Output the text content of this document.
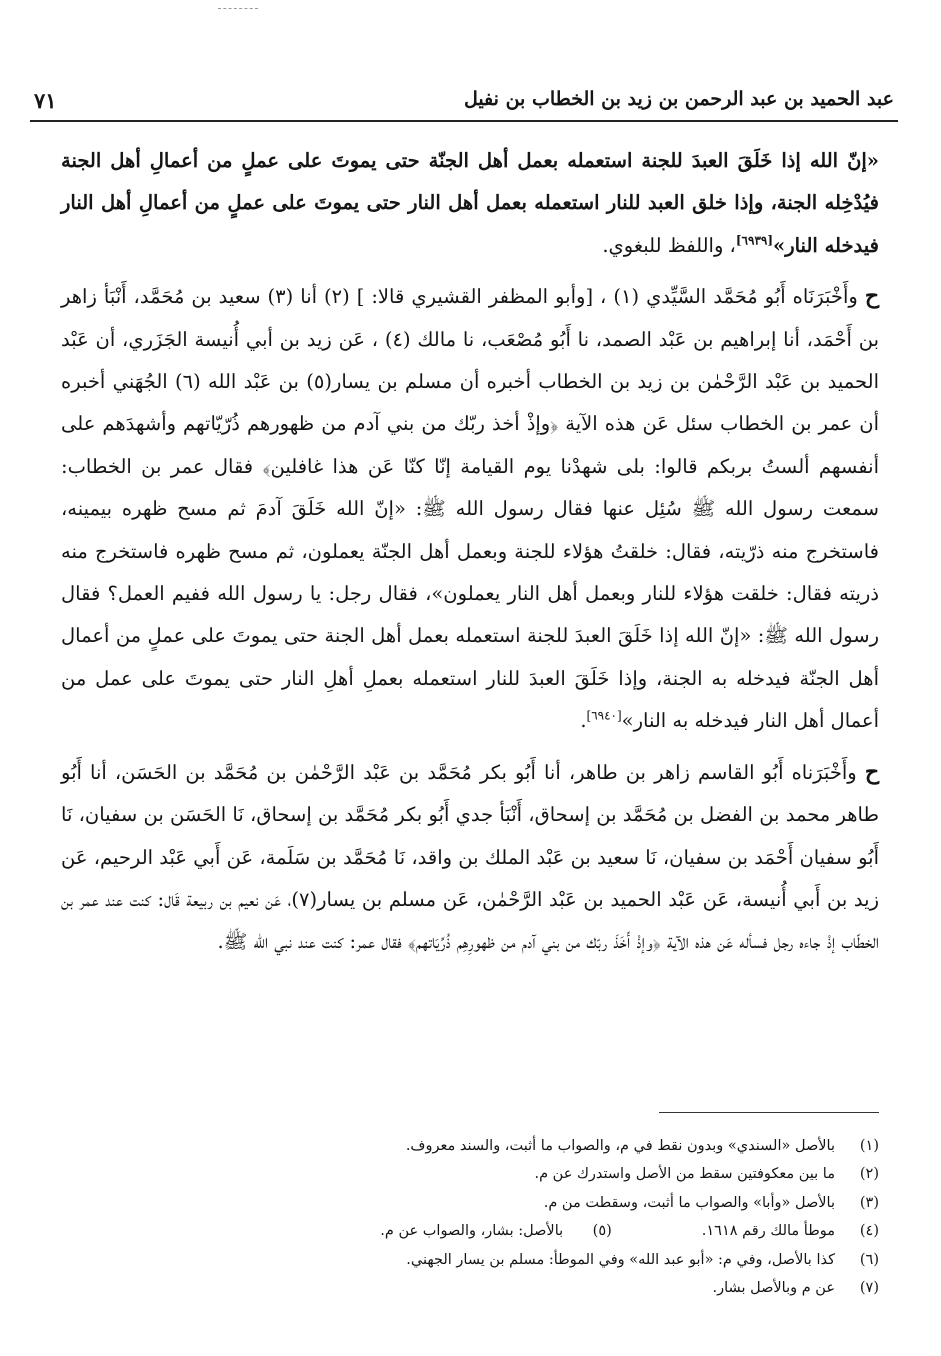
عبد الحميد بن عبد الرحمن بن زيد بن الخطاب بن نفيل
٧١

«إنّ الله إذا خَلَقَ العبدَ للجنة استعمله بعمل أهل الجنّة حتى يموتَ على عملٍ من أعمالِ أهل الجنة فيُدْخِله الجنة، وإذا خلق العبد للنار استعمله بعمل أهل النار حتى يموتَ على عملٍ من أعمالِ أهل النار فيدخله النار»[٦٩٣٩]، واللفظ للبغوي.

ح وأَخْبَرَنَاه أَبُو مُحَمَّد السَّيِّدي (١) ، [وأبو المظفر القشيري قالا: ] (٢) أنا (٣) سعيد بن مُحَمَّد، أَنْبَأ زاهر بن أَحْمَد، أنا إبراهيم بن عَبْد الصمد، نا أَبُو مُصْعَب، نا مالك (٤) ، عَن زيد بن أبي أُنيسة الجَزَري، أن عَبْد الحميد بن عَبْد الرَّحْمٰن بن زيد بن الخطاب أخبره أن مسلم بن يسار(٥) بن عَبْد الله (٦) الجُهَني أخبره أن عمر بن الخطاب سئل عَن هذه الآية ﴿وإذْ أخذ ربّك من بني آدم من ظهورهم ذُرّيّاتهم وأشهدَهم على أنفسهم ألستُ بربكم قالوا: بلى شهدْنا يوم القيامة إنّا كنّا عَن هذا غافلين﴾ فقال عمر بن الخطاب: سمعت رسول الله ﷺ سُئِل عنها فقال رسول الله ﷺ: «إنّ الله خَلَقَ آدمَ ثم مسح ظهره بيمينه، فاستخرج منه ذرّيته، فقال: خلقتُ هؤلاء للجنة وبعمل أهل الجنّة يعملون، ثم مسح ظهره فاستخرج منه ذريته فقال: خلقت هؤلاء للنار وبعمل أهل النار يعملون»، فقال رجل: يا رسول الله ففيم العمل؟ فقال رسول الله ﷺ: «إنّ الله إذا خَلَقَ العبدَ للجنة استعمله بعمل أهل الجنة حتى يموتَ على عملٍ من أعمال أهل الجنّة فيدخله به الجنة، وإذا خَلَقَ العبدَ للنار استعمله بعملِ أهلِ النار حتى يموتَ على عمل من أعمال أهل النار فيدخله به النار»[٦٩٤٠].

ح وأَخْبَرَناه أَبُو القاسم زاهر بن طاهر، أنا أَبُو بكر مُحَمَّد بن عَبْد الرَّحْمٰن بن مُحَمَّد بن الحَسَن، أنا أَبُو طاهر محمد بن الفضل بن مُحَمَّد بن إسحاق، أَنْبَأ جدي أَبُو بكر مُحَمَّد بن إسحاق، نَا الحَسَن بن سفيان، نَا أَبُو سفيان أَحْمَد بن سفيان، نَا سعيد بن عَبْد الملك بن واقد، نَا مُحَمَّد بن سَلَمة، عَن أَبي عَبْد الرحيم، عَن زيد بن أَبي أُنيسة، عَن عَبْد الحميد بن عَبْد الرَّحْمٰن، عَن مسلم بن يسار(٧)، عَن نعيم بن ربيعة قَال: كنت عند عمر بن الخطّاب إذْ جاءه رجل فسأله عَن هذه الآية ﴿وإذْ أَخَذَ ربّك من بني آدم من ظهورِهِم ذُرِّيَاتهم﴾ فقال عمر: كنت عند نبي الله ﷺ.

(١)
بالأصل «السندي» وبدون نقط في م، والصواب ما أثبت، والسند معروف.
(٢)
ما بين معكوفتين سقط من الأصل واستدرك عن م.
(٣)
بالأصل «وأبا» والصواب ما أثبت، وسقطت من م.
(٤)
موطأ مالك رقم ١٦١٨.
(٥) بالأصل: بشار، والصواب عن م.
(٦)
كذا بالأصل، وفي م: «أبو عبد الله» وفي الموطأ: مسلم بن يسار الجهني.
(٧)
عن م وبالأصل بشار.
